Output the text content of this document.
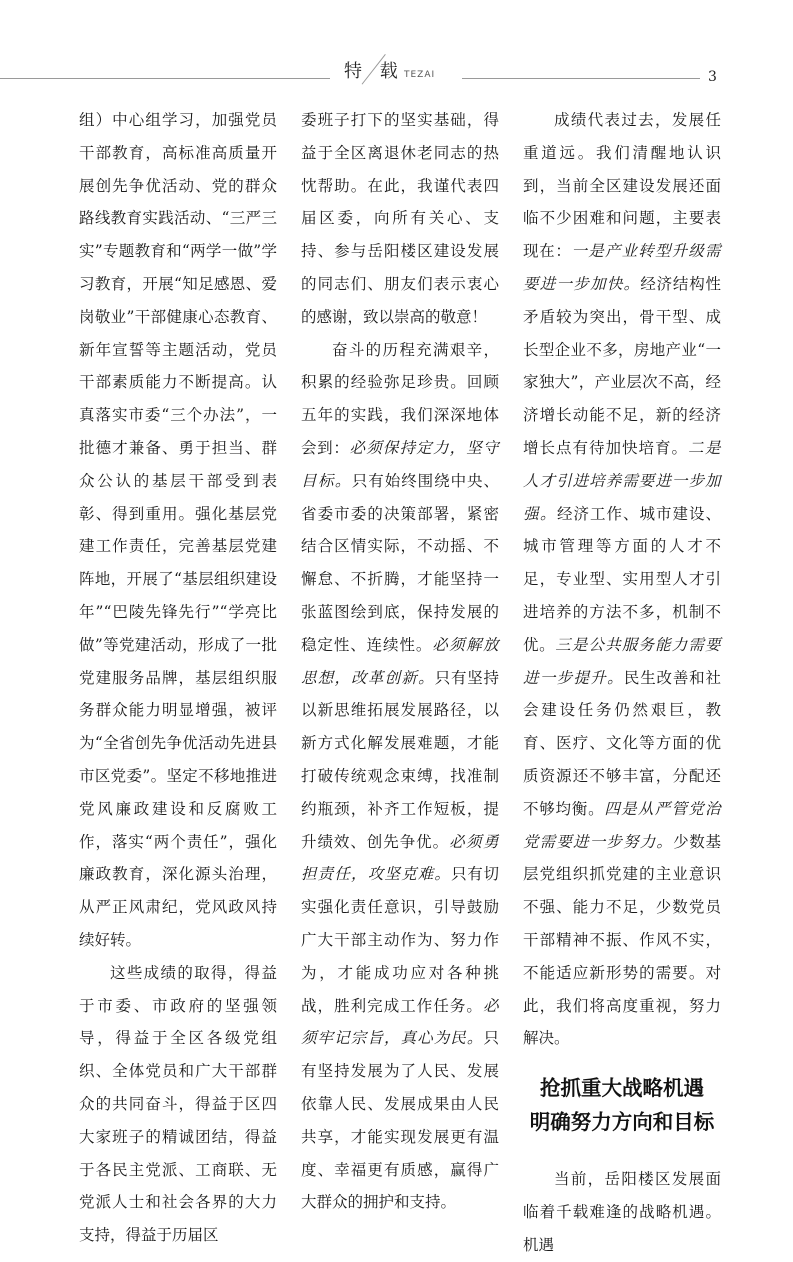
特 载 TEZAI	3

组）中心组学习，加强党员干部教育，高标准高质量开展创先争优活动、党的群众路线教育实践活动、“三严三实”专题教育和“两学一做”学习教育，开展“知足感恩、爱岗敬业”干部健康心态教育、新年宣誓等主题活动，党员干部素质能力不断提高。认真落实市委“三个办法”，一批德才兼备、勇于担当、群众公认的基层干部受到表彰、得到重用。强化基层党建工作责任，完善基层党建阵地，开展了“基层组织建设年”“巴陵先锋先行”“学亮比做”等党建活动，形成了一批党建服务品牌，基层组织服务群众能力明显增强，被评为“全省创先争优活动先进县市区党委”。坚定不移地推进党风廉政建设和反腐败工作，落实“两个责任”，强化廉政教育，深化源头治理，从严正风肃纪，党风政风持续好转。

这些成绩的取得，得益于市委、市政府的坚强领导，得益于全区各级党组织、全体党员和广大干部群众的共同奋斗，得益于区四大家班子的精诚团结，得益于各民主党派、工商联、无党派人士和社会各界的大力支持，得益于历届区

委班子打下的坚实基础，得益于全区离退休老同志的热忱帮助。在此，我谨代表四届区委，向所有关心、支持、参与岳阳楼区建设发展的同志们、朋友们表示衷心的感谢，致以崇高的敬意！

奋斗的历程充满艰辛，积累的经验弥足珍贵。回顾五年的实践，我们深深地体会到：必须保持定力，坚守目标。只有始终围绕中央、省委市委的决策部署，紧密结合区情实际，不动摇、不懈怠、不折腾，才能坚持一张蓝图绘到底，保持发展的稳定性、连续性。必须解放思想，改革创新。只有坚持以新思维拓展发展路径，以新方式化解发展难题，才能打破传统观念束缚，找准制约瓶颈，补齐工作短板，提升绩效、创先争优。必须勇担责任，攻坚克难。只有切实强化责任意识，引导鼓励广大干部主动作为、努力作为，才能成功应对各种挑战，胜利完成工作任务。必须牢记宗旨，真心为民。只有坚持发展为了人民、发展依靠人民、发展成果由人民共享，才能实现发展更有温度、幸福更有质感，赢得广大群众的拥护和支持。

成绩代表过去，发展任重道远。我们清醒地认识到，当前全区建设发展还面临不少困难和问题，主要表现在：一是产业转型升级需要进一步加快。经济结构性矛盾较为突出，骨干型、成长型企业不多，房地产业“一家独大”，产业层次不高，经济增长动能不足，新的经济增长点有待加快培育。二是人才引进培养需要进一步加强。经济工作、城市建设、城市管理等方面的人才不足，专业型、实用型人才引进培养的方法不多，机制不优。三是公共服务能力需要进一步提升。民生改善和社会建设任务仍然艰巨，教育、医疗、文化等方面的优质资源还不够丰富，分配还不够均衡。四是从严管党治党需要进一步努力。少数基层党组织抓党建的主业意识不强、能力不足，少数党员干部精神不振、作风不实，不能适应新形势的需要。对此，我们将高度重视，努力解决。

抢抓重大战略机遇
明确努力方向和目标

当前，岳阳楼区发展面临着千载难逢的战略机遇。机遇
